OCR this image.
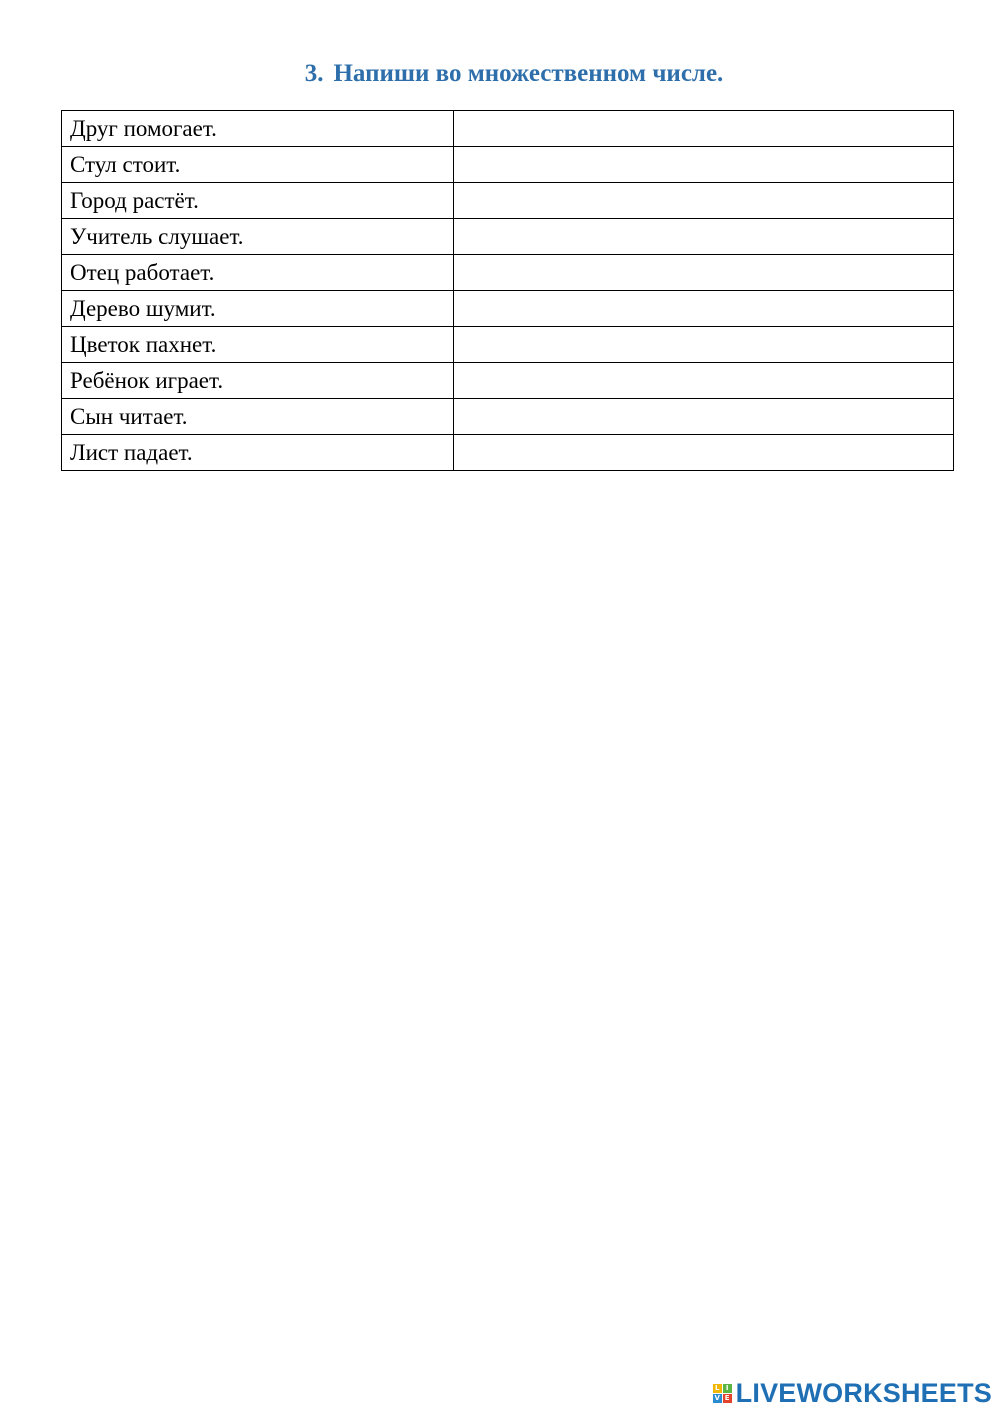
3. Напиши во множественном числе.
Друг помогает.	
Стул стоит.	
Город растёт.	
Учитель слушает.	
Отец работает.	
Дерево шумит.	
Цветок пахнет.	
Ребёнок играет.	
Сын читает.	
Лист падает.	
L I
V E LIVEWORKSHEETS
